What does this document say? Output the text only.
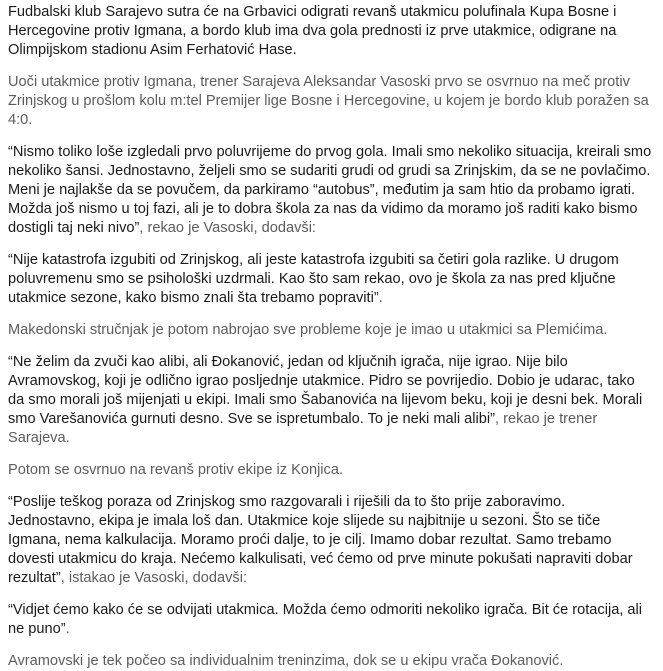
Fudbalski klub Sarajevo sutra će na Grbavici odigrati revanš utakmicu polufinala Kupa Bosne i Hercegovine protiv Igmana, a bordo klub ima dva gola prednosti iz prve utakmice, odigrane na Olimpijskom stadionu Asim Ferhatović Hase.

Uoči utakmice protiv Igmana, trener Sarajeva Aleksandar Vasoski prvo se osvrnuo na meč protiv Zrinjskog u prošlom kolu m:tel Premijer lige Bosne i Hercegovine, u kojem je bordo klub poražen sa 4:0.

“Nismo toliko loše izgledali prvo poluvrijeme do prvog gola. Imali smo nekoliko situacija, kreirali smo nekoliko šansi. Jednostavno, željeli smo se sudariti grudi od grudi sa Zrinjskim, da se ne povlačimo. Meni je najlakše da se povučem, da parkiramo “autobus”, međutim ja sam htio da probamo igrati. Možda još nismo u toj fazi, ali je to dobra škola za nas da vidimo da moramo još raditi kako bismo dostigli taj neki nivo”, rekao je Vasoski, dodavši:

“Nije katastrofa izgubiti od Zrinjskog, ali jeste katastrofa izgubiti sa četiri gola razlike. U drugom poluvremenu smo se psihološki uzdrmali. Kao što sam rekao, ovo je škola za nas pred ključne utakmice sezone, kako bismo znali šta trebamo popraviti”.

Makedonski stručnjak je potom nabrojao sve probleme koje je imao u utakmici sa Plemićima.

“Ne želim da zvuči kao alibi, ali Đokanović, jedan od ključnih igrača, nije igrao. Nije bilo Avramovskog, koji je odlično igrao posljednje utakmice. Pidro se povrijedio. Dobio je udarac, tako da smo morali još mijenjati u ekipi. Imali smo Šabanovića na lijevom beku, koji je desni bek. Morali smo Varešanovića gurnuti desno. Sve se ispretumbalo. To je neki mali alibi”, rekao je trener Sarajeva.

Potom se osvrnuo na revanš protiv ekipe iz Konjica.

“Poslije teškog poraza od Zrinjskog smo razgovarali i riješili da to što prije zaboravimo. Jednostavno, ekipa je imala loš dan. Utakmice koje slijede su najbitnije u sezoni. Što se tiče Igmana, nema kalkulacija. Moramo proći dalje, to je cilj. Imamo dobar rezultat. Samo trebamo dovesti utakmicu do kraja. Nećemo kalkulisati, već ćemo od prve minute pokušati napraviti dobar rezultat”, istakao je Vasoski, dodavši:

“Vidjet ćemo kako će se odvijati utakmica. Možda ćemo odmoriti nekoliko igrača. Bit će rotacija, ali ne puno”.

Avramovski je tek počeo sa individualnim treninzima, dok se u ekipu vrača Đokanović.
